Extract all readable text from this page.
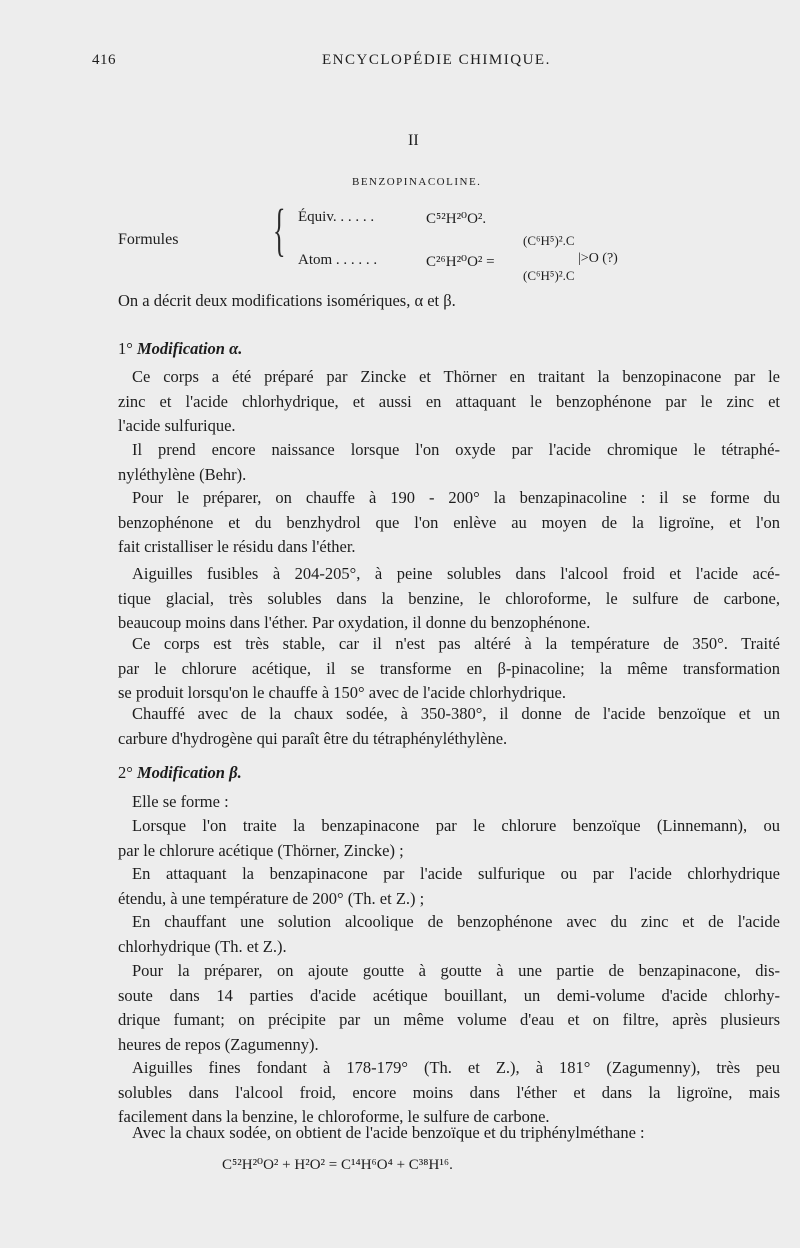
416	ENCYCLOPÉDIE CHIMIQUE.
II
BENZOPINACOLINE.
Formules { Équiv. . . . . .	C⁵²H²⁰O².
Atom . . . . . .	C²⁶H²⁰O² =
(C⁶H⁵)².C
|>O (?)
(C⁶H⁵)².C
On a décrit deux modifications isomériques, α et β.
1° Modification α.
Ce corps a été préparé par Zincke et Thörner en traitant la benzopinacone par le
zinc et l'acide chlorhydrique, et aussi en attaquant le benzophénone par le zinc et
l'acide sulfurique.
Il prend encore naissance lorsque l'on oxyde par l'acide chromique le tétraphé-
nyléthylène (Behr).
Pour le préparer, on chauffe à 190 - 200° la benzapinacoline : il se forme du
benzophénone et du benzhydrol que l'on enlève au moyen de la ligroïne, et l'on
fait cristalliser le résidu dans l'éther.
Aiguilles fusibles à 204-205°, à peine solubles dans l'alcool froid et l'acide acé-
tique glacial, très solubles dans la benzine, le chloroforme, le sulfure de carbone,
beaucoup moins dans l'éther. Par oxydation, il donne du benzophénone.
Ce corps est très stable, car il n'est pas altéré à la température de 350°. Traité
par le chlorure acétique, il se transforme en β-pinacoline; la même transformation
se produit lorsqu'on le chauffe à 150° avec de l'acide chlorhydrique.
Chauffé avec de la chaux sodée, à 350-380°, il donne de l'acide benzoïque et un
carbure d'hydrogène qui paraît être du tétraphényléthylène.
2° Modification β.
Elle se forme :
Lorsque l'on traite la benzapinacone par le chlorure benzoïque (Linnemann), ou
par le chlorure acétique (Thörner, Zincke) ;
En attaquant la benzapinacone par l'acide sulfurique ou par l'acide chlorhydrique
étendu, à une température de 200° (Th. et Z.) ;
En chauffant une solution alcoolique de benzophénone avec du zinc et de l'acide
chlorhydrique (Th. et Z.).
Pour la préparer, on ajoute goutte à goutte à une partie de benzapinacone, dis-
soute dans 14 parties d'acide acétique bouillant, un demi-volume d'acide chlorhy-
drique fumant; on précipite par un même volume d'eau et on filtre, après plusieurs
heures de repos (Zagumenny).
Aiguilles fines fondant à 178-179° (Th. et Z.), à 181° (Zagumenny), très peu
solubles dans l'alcool froid, encore moins dans l'éther et dans la ligroïne, mais
facilement dans la benzine, le chloroforme, le sulfure de carbone.
Avec la chaux sodée, on obtient de l'acide benzoïque et du triphénylméthane :
C⁵²H²⁰O² + H²O² = C¹⁴H⁶O⁴ + C³⁸H¹⁶.
